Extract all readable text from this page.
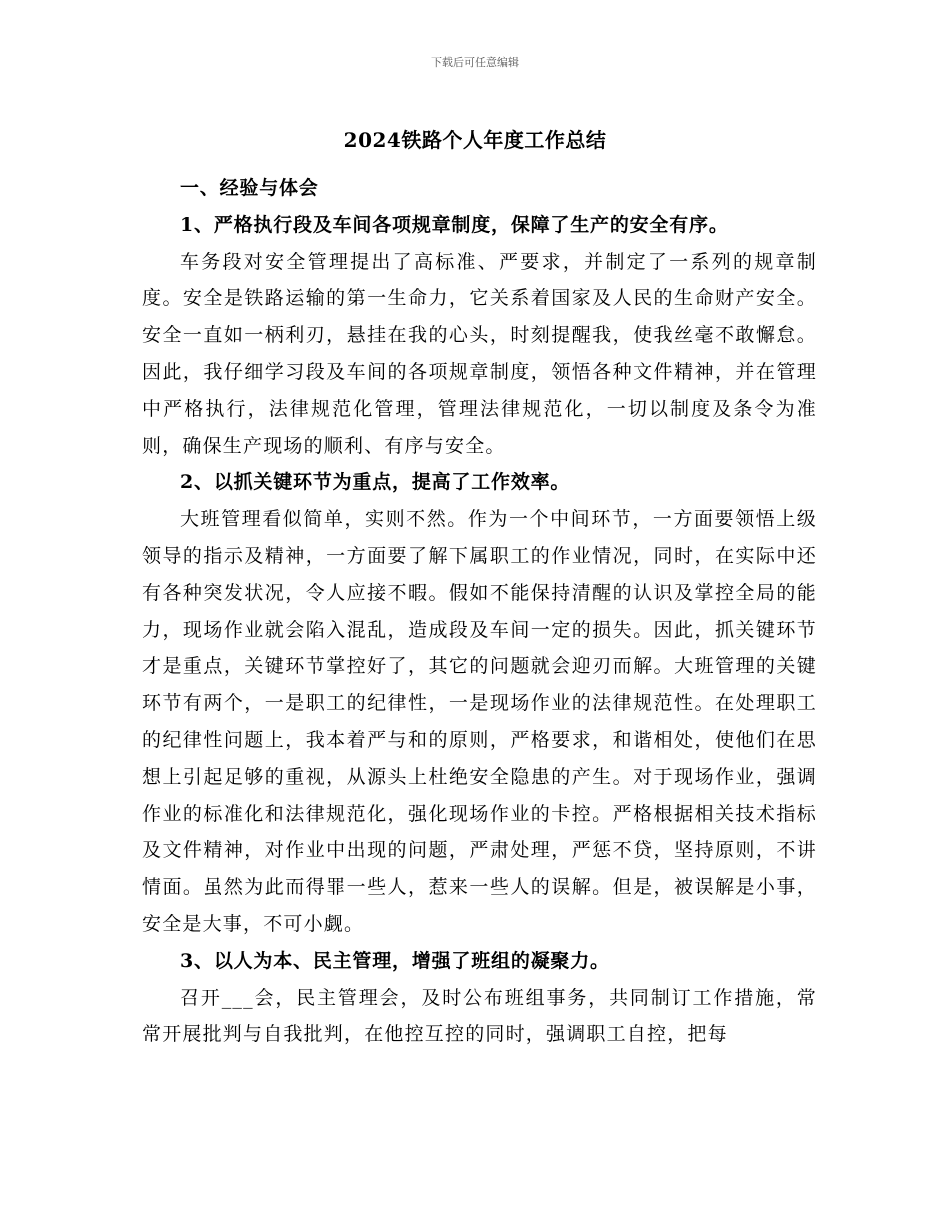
下载后可任意编辑
2024铁路个人年度工作总结

一、经验与体会

1、严格执行段及车间各项规章制度，保障了生产的安全有序。

车务段对安全管理提出了高标准、严要求，并制定了一系列的规章制度。安全是铁路运输的第一生命力，它关系着国家及人民的生命财产安全。安全一直如一柄利刃，悬挂在我的心头，时刻提醒我，使我丝毫不敢懈怠。因此，我仔细学习段及车间的各项规章制度，领悟各种文件精神，并在管理中严格执行，法律规范化管理，管理法律规范化，一切以制度及条令为准则，确保生产现场的顺利、有序与安全。

2、以抓关键环节为重点，提高了工作效率。

大班管理看似简单，实则不然。作为一个中间环节，一方面要领悟上级领导的指示及精神，一方面要了解下属职工的作业情况，同时，在实际中还有各种突发状况，令人应接不暇。假如不能保持清醒的认识及掌控全局的能力，现场作业就会陷入混乱，造成段及车间一定的损失。因此，抓关键环节才是重点，关键环节掌控好了，其它的问题就会迎刃而解。大班管理的关键环节有两个，一是职工的纪律性，一是现场作业的法律规范性。在处理职工的纪律性问题上，我本着严与和的原则，严格要求，和谐相处，使他们在思想上引起足够的重视，从源头上杜绝安全隐患的产生。对于现场作业，强调作业的标准化和法律规范化，强化现场作业的卡控。严格根据相关技术指标及文件精神，对作业中出现的问题，严肃处理，严惩不贷，坚持原则，不讲情面。虽然为此而得罪一些人，惹来一些人的误解。但是，被误解是小事，安全是大事，不可小觑。

3、以人为本、民主管理，增强了班组的凝聚力。

召开___会，民主管理会，及时公布班组事务，共同制订工作措施，常常开展批判与自我批判，在他控互控的同时，强调职工自控，把每
